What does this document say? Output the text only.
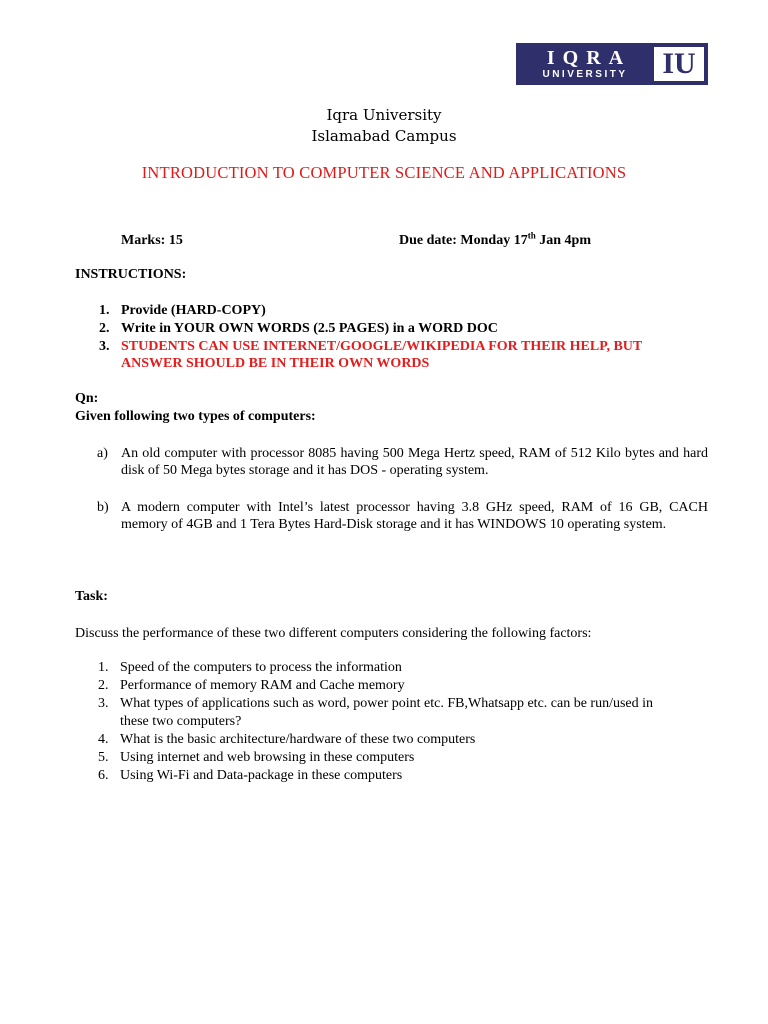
IQRA
UNIVERSITY IU
Iqra University
Islamabad Campus
INTRODUCTION TO COMPUTER SCIENCE AND APPLICATIONS
Marks: 15	Due date: Monday 17th Jan 4pm
INSTRUCTIONS:
1. Provide (HARD-COPY)
2. Write in YOUR OWN WORDS (2.5 PAGES) in a WORD DOC
3. STUDENTS CAN USE INTERNET/GOOGLE/WIKIPEDIA FOR THEIR HELP, BUT
ANSWER SHOULD BE IN THEIR OWN WORDS
Qn:
Given following two types of computers:
a) An old computer with processor 8085 having 500 Mega Hertz speed, RAM of 512 Kilo bytes and hard disk of 50 Mega bytes storage and it has DOS - operating system.
b) A modern computer with Intel’s latest processor having 3.8 GHz speed, RAM of 16 GB, CACH memory of 4GB and 1 Tera Bytes Hard-Disk storage and it has WINDOWS 10 operating system.
Task:
Discuss the performance of these two different computers considering the following factors:
1. Speed of the computers to process the information
2. Performance of memory RAM and Cache memory
3. What types of applications such as word, power point etc. FB,Whatsapp etc. can be run/used in
these two computers?
4. What is the basic architecture/hardware of these two computers
5. Using internet and web browsing in these computers
6. Using Wi-Fi and Data-package in these computers
